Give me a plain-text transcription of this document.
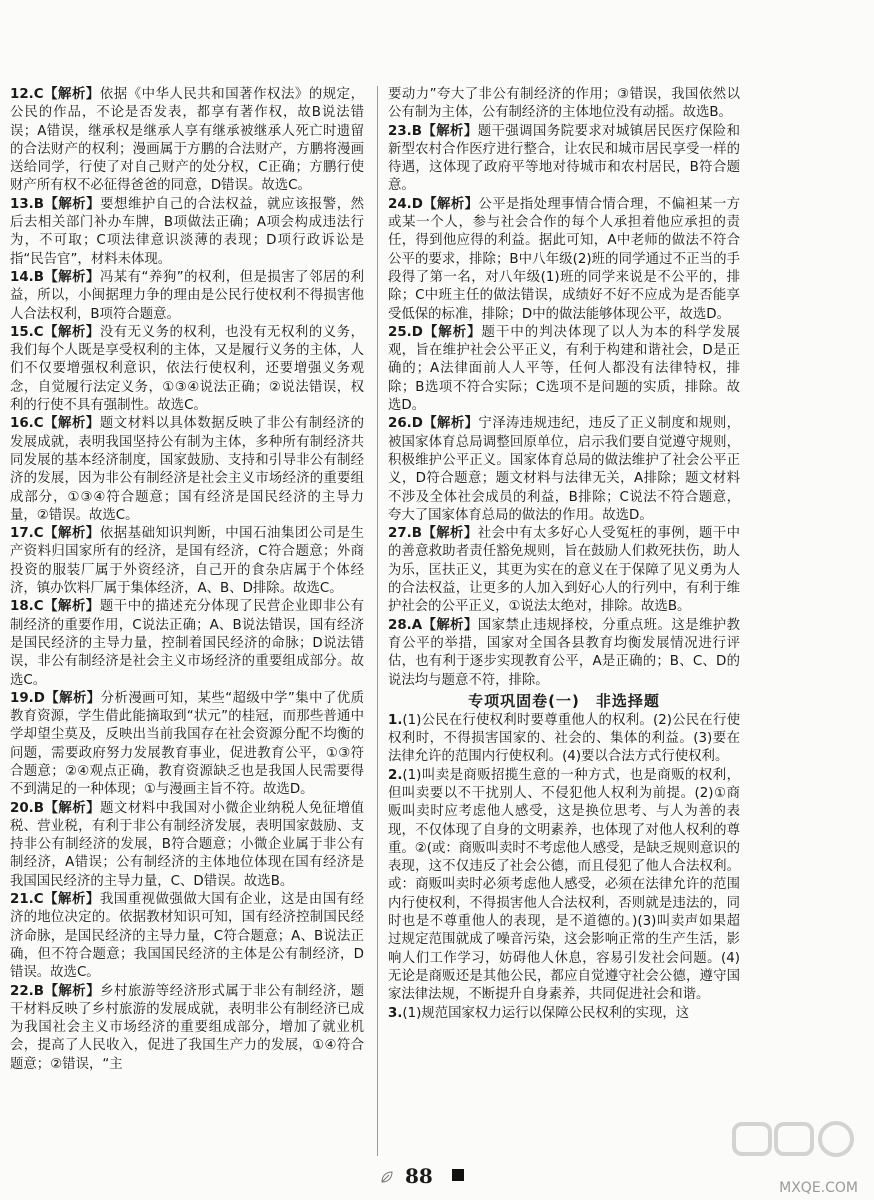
12.C【解析】依据《中华人民共和国著作权法》的规定，公民的作品，不论是否发表，都享有著作权，故B说法错误；A错误，继承权是继承人享有继承被继承人死亡时遗留的合法财产的权利；漫画属于方鹏的合法财产，方鹏将漫画送给同学，行使了对自己财产的处分权，C正确；方鹏行使财产所有权不必征得爸爸的同意，D错误。故选C。
13.B【解析】要想维护自己的合法权益，就应该报警，然后去相关部门补办车牌，B项做法正确；A项会构成违法行为，不可取；C项法律意识淡薄的表现；D项行政诉讼是指“民告官”，材料未体现。
14.B【解析】冯某有“养狗”的权利，但是损害了邻居的利益，所以，小闽据理力争的理由是公民行使权利不得损害他人合法权利，B项符合题意。
15.C【解析】没有无义务的权利，也没有无权利的义务，我们每个人既是享受权利的主体，又是履行义务的主体，人们不仅要增强权利意识，依法行使权利，还要增强义务观念，自觉履行法定义务，①③④说法正确；②说法错误，权利的行使不具有强制性。故选C。
16.C【解析】题文材料以具体数据反映了非公有制经济的发展成就，表明我国坚持公有制为主体，多种所有制经济共同发展的基本经济制度，国家鼓励、支持和引导非公有制经济的发展，因为非公有制经济是社会主义市场经济的重要组成部分，①③④符合题意；国有经济是国民经济的主导力量，②错误。故选C。
17.C【解析】依据基础知识判断，中国石油集团公司是生产资料归国家所有的经济，是国有经济，C符合题意；外商投资的服装厂属于外资经济，自己开的食杂店属于个体经济，镇办饮料厂属于集体经济，A、B、D排除。故选C。
18.C【解析】题干中的描述充分体现了民营企业即非公有制经济的重要作用，C说法正确；A、B说法错误，国有经济是国民经济的主导力量，控制着国民经济的命脉；D说法错误，非公有制经济是社会主义市场经济的重要组成部分。故选C。
19.D【解析】分析漫画可知，某些“超级中学”集中了优质教育资源，学生借此能摘取到“状元”的桂冠，而那些普通中学却望尘莫及，反映出当前我国存在社会资源分配不均衡的问题，需要政府努力发展教育事业，促进教育公平，①③符合题意；②④观点正确，教育资源缺乏也是我国人民需要得不到满足的一种体现；①与漫画主旨不符。故选D。
20.B【解析】题文材料中我国对小微企业纳税人免征增值税、营业税，有利于非公有制经济发展，表明国家鼓励、支持非公有制经济的发展，B符合题意；小微企业属于非公有制经济，A错误；公有制经济的主体地位体现在国有经济是我国国民经济的主导力量，C、D错误。故选B。
21.C【解析】我国重视做强做大国有企业，这是由国有经济的地位决定的。依据教材知识可知，国有经济控制国民经济命脉，是国民经济的主导力量，C符合题意；A、B说法正确，但不符合题意；我国国民经济的主体是公有制经济，D错误。故选C。
22.B【解析】乡村旅游等经济形式属于非公有制经济，题干材料反映了乡村旅游的发展成就，表明非公有制经济已成为我国社会主义市场经济的重要组成部分，增加了就业机会，提高了人民收入，促进了我国生产力的发展，①④符合题意；②错误，“主
要动力”夸大了非公有制经济的作用；③错误，我国依然以公有制为主体，公有制经济的主体地位没有动摇。故选B。
23.B【解析】题干强调国务院要求对城镇居民医疗保险和新型农村合作医疗进行整合，让农民和城市居民享受一样的待遇，这体现了政府平等地对待城市和农村居民，B符合题意。
24.D【解析】公平是指处理事情合情合理，不偏袒某一方或某一个人，参与社会合作的每个人承担着他应承担的责任，得到他应得的利益。据此可知，A中老师的做法不符合公平的要求，排除；B中八年级(2)班的同学通过不正当的手段得了第一名，对八年级(1)班的同学来说是不公平的，排除；C中班主任的做法错误，成绩好不好不应成为是否能享受低保的标准，排除；D中的做法能够体现公平，故选D。
25.D【解析】题干中的判决体现了以人为本的科学发展观，旨在维护社会公平正义，有利于构建和谐社会，D是正确的；A法律面前人人平等，任何人都没有法律特权，排除；B选项不符合实际；C选项不是问题的实质，排除。故选D。
26.D【解析】宁泽涛违规违纪，违反了正义制度和规则，被国家体育总局调整回原单位，启示我们要自觉遵守规则，积极维护公平正义。国家体育总局的做法维护了社会公平正义，D符合题意；题文材料与法律无关，A排除；题文材料不涉及全体社会成员的利益，B排除；C说法不符合题意，夸大了国家体育总局的做法的作用。故选D。
27.B【解析】社会中有太多好心人受冤枉的事例，题干中的善意救助者责任豁免规则，旨在鼓励人们救死扶伤，助人为乐，匡扶正义，其更为实在的意义在于保障了见义勇为人的合法权益，让更多的人加入到好心人的行列中，有利于维护社会的公平正义，①说法太绝对，排除。故选B。
28.A【解析】国家禁止违规择校，分重点班。这是维护教育公平的举措，国家对全国各县教育均衡发展情况进行评估，也有利于逐步实现教育公平，A是正确的；B、C、D的说法均与题意不符，排除。
专项巩固卷(一)　非选择题
1.(1)公民在行使权利时要尊重他人的权利。(2)公民在行使权利时，不得损害国家的、社会的、集体的利益。(3)要在法律允许的范围内行使权利。(4)要以合法方式行使权利。
2.(1)叫卖是商贩招揽生意的一种方式，也是商贩的权利，但叫卖要以不干扰别人、不侵犯他人权利为前提。(2)①商贩叫卖时应考虑他人感受，这是换位思考、与人为善的表现，不仅体现了自身的文明素养，也体现了对他人权利的尊重。②(或：商贩叫卖时不考虑他人感受，是缺乏规则意识的表现，这不仅违反了社会公德，而且侵犯了他人合法权利。或：商贩叫卖时必须考虑他人感受，必须在法律允许的范围内行使权利，不得损害他人合法权利，否则就是违法的，同时也是不尊重他人的表现，是不道德的。)(3)叫卖声如果超过规定范围就成了噪音污染，这会影响正常的生产生活，影响人们工作学习，妨碍他人休息，容易引发社会问题。(4)无论是商贩还是其他公民，都应自觉遵守社会公德，遵守国家法律法规，不断提升自身素养，共同促进社会和谐。
3.(1)规范国家权力运行以保障公民权利的实现，这
88	MXQE.COM
